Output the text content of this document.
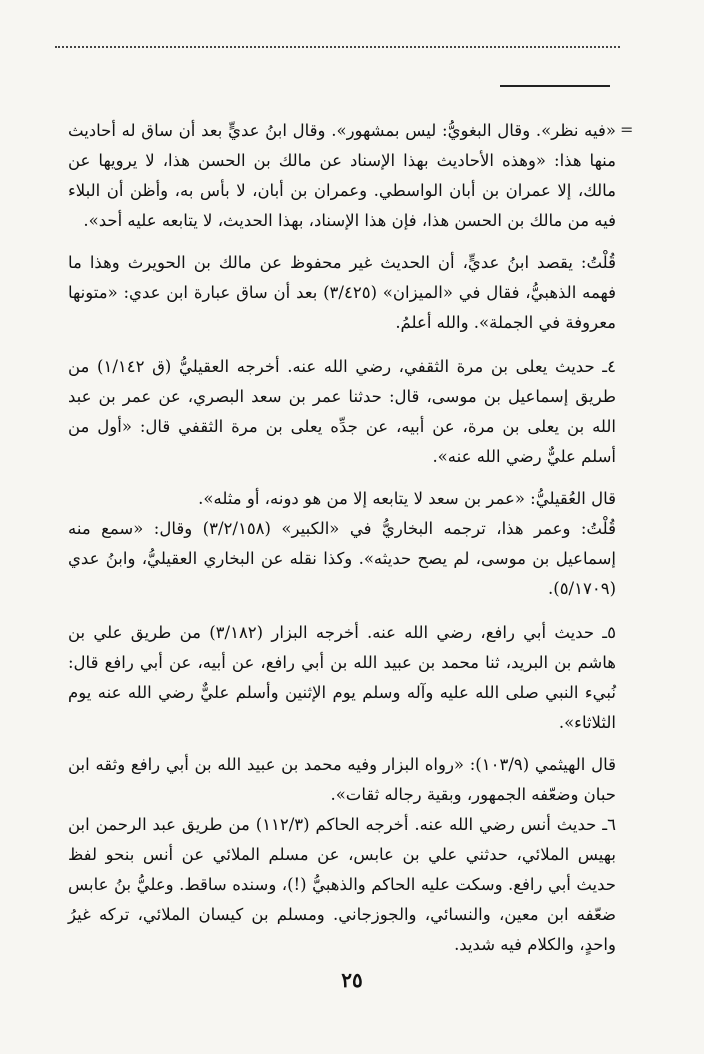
=

«فيه نظر». وقال البغويُّ: ليس بمشهور». وقال ابنُ عديٍّ بعد أن ساق له أحاديث منها هذا: «وهذه الأحاديث بهذا الإسناد عن مالك بن الحسن هذا، لا يرويها عن مالك، إلا عمران بن أبان الواسطي. وعمران بن أبان، لا بأس به، وأظن أن البلاء فيه من مالك بن الحسن هذا، فإن هذا الإسناد، بهذا الحديث، لا يتابعه عليه أحد».

قُلْتُ: يقصد ابنُ عديٍّ، أن الحديث غير محفوظ عن مالك بن الحويرث وهذا ما فهمه الذهبيُّ، فقال في «الميزان» (٣/٤٢٥) بعد أن ساق عبارة ابن عدي: «متونها معروفة في الجملة». والله أعلمُ.

٤ـ حديث يعلى بن مرة الثقفي، رضي الله عنه. أخرجه العقيليُّ (ق ١/١٤٢) من طريق إسماعيل بن موسى، قال: حدثنا عمر بن سعد البصري، عن عمر بن عبد الله بن يعلى بن مرة، عن أبيه، عن جدِّه يعلى بن مرة الثقفي قال: «أول من أسلم عليٌّ رضي الله عنه».

قال العُقيليُّ: «عمر بن سعد لا يتابعه إلا من هو دونه، أو مثله».

قُلْتُ: وعمر هذا، ترجمه البخاريُّ في «الكبير» (٣/٢/١٥٨) وقال: «سمع منه إسماعيل بن موسى، لم يصح حديثه». وكذا نقله عن البخاري العقيليُّ، وابنُ عدي (٥/١٧٠٩).

٥ـ حديث أبي رافع، رضي الله عنه. أخرجه البزار (٣/١٨٢) من طريق علي بن هاشم بن البريد، ثنا محمد بن عبيد الله بن أبي رافع، عن أبيه، عن أبي رافع قال: نُبيء النبي صلى الله عليه وآله وسلم يوم الإثنين وأسلم عليٌّ رضي الله عنه يوم الثلاثاء».

قال الهيثمي (١٠٣/٩): «رواه البزار وفيه محمد بن عبيد الله بن أبي رافع وثقه ابن حبان وضعّفه الجمهور، وبقية رجاله ثقات».

٦ـ حديث أنس رضي الله عنه. أخرجه الحاكم (١١٢/٣) من طريق عبد الرحمن ابن بهيس الملائي، حدثني علي بن عابس، عن مسلم الملائي عن أنس بنحو لفظ حديث أبي رافع. وسكت عليه الحاكم والذهبيُّ (!)، وسنده ساقط. وعليُّ بنُ عابس ضعّفه ابن معين، والنسائي، والجوزجاني. ومسلم بن كيسان الملائي، تركه غيرُ واحدٍ، والكلام فيه شديد.

٢٥
